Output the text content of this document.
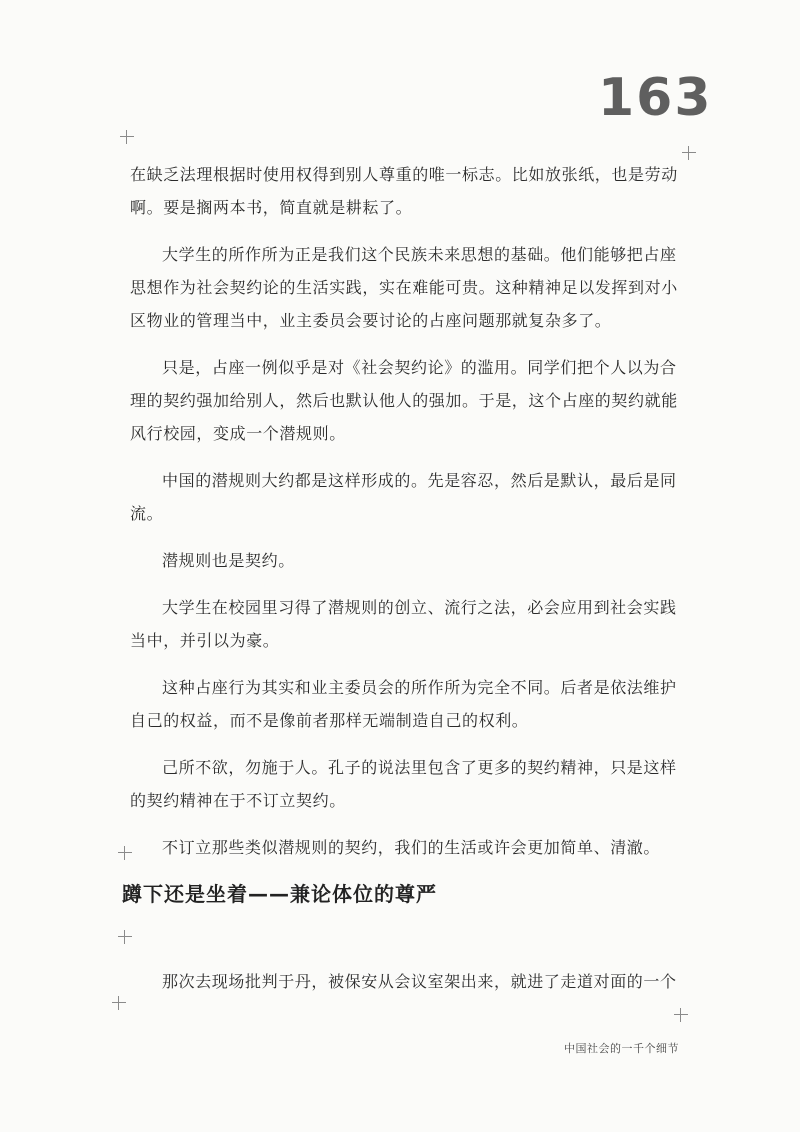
163

在缺乏法理根据时使用权得到别人尊重的唯一标志。比如放张纸，也是劳动啊。要是搁两本书，简直就是耕耘了。

大学生的所作所为正是我们这个民族未来思想的基础。他们能够把占座思想作为社会契约论的生活实践，实在难能可贵。这种精神足以发挥到对小区物业的管理当中，业主委员会要讨论的占座问题那就复杂多了。

只是，占座一例似乎是对《社会契约论》的滥用。同学们把个人以为合理的契约强加给别人，然后也默认他人的强加。于是，这个占座的契约就能风行校园，变成一个潜规则。

中国的潜规则大约都是这样形成的。先是容忍，然后是默认，最后是同流。

潜规则也是契约。

大学生在校园里习得了潜规则的创立、流行之法，必会应用到社会实践当中，并引以为豪。

这种占座行为其实和业主委员会的所作所为完全不同。后者是依法维护自己的权益，而不是像前者那样无端制造自己的权利。

己所不欲，勿施于人。孔子的说法里包含了更多的契约精神，只是这样的契约精神在于不订立契约。

不订立那些类似潜规则的契约，我们的生活或许会更加简单、清澈。

蹲下还是坐着——兼论体位的尊严
那次去现场批判于丹，被保安从会议室架出来，就进了走道对面的一个
中国社会的一千个细节
